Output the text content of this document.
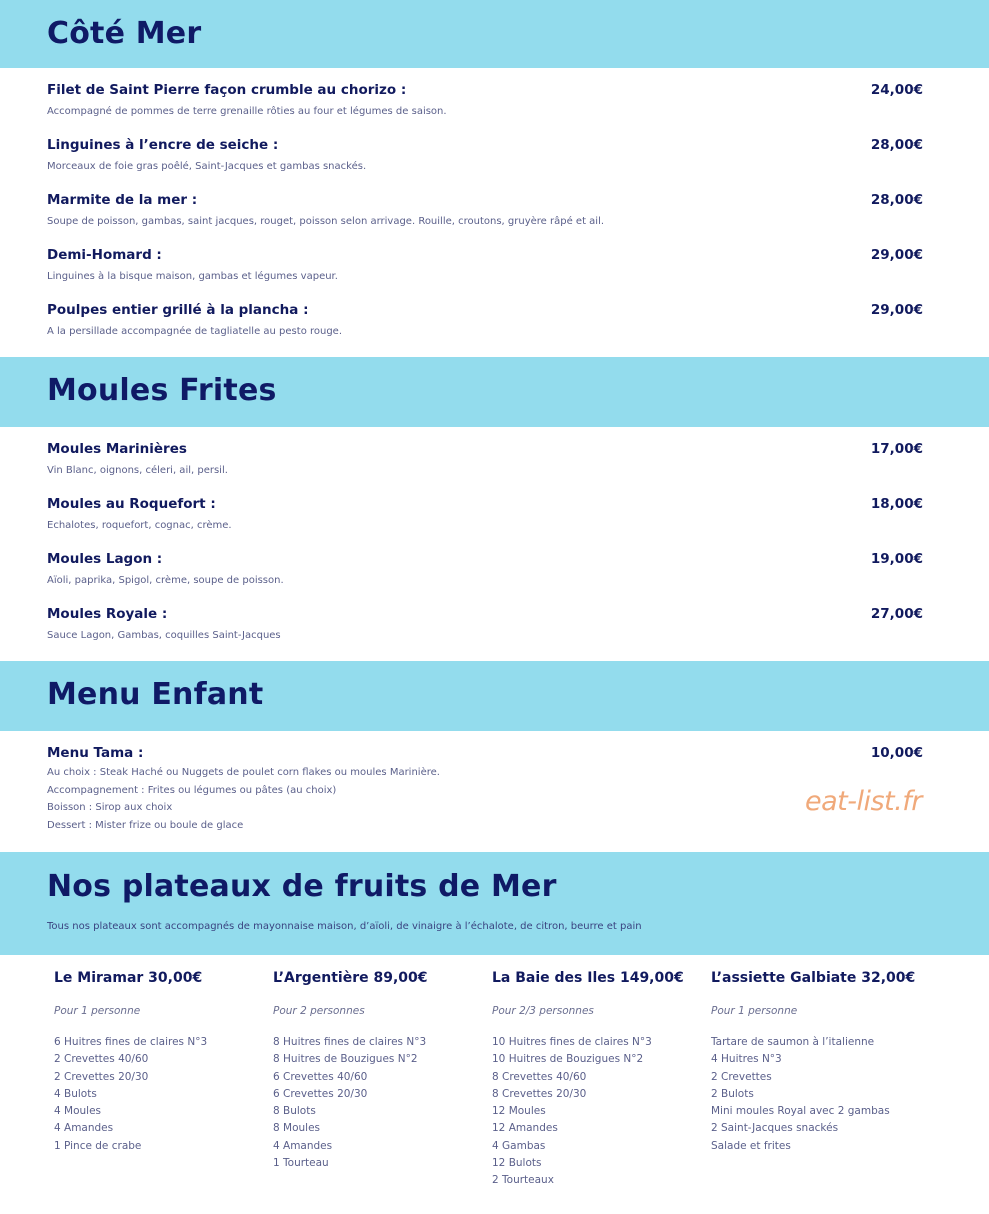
Côté Mer
Filet de Saint Pierre façon crumble au chorizo :	24,00€
Accompagné de pommes de terre grenaille rôties au four et légumes de saison.
Linguines à l’encre de seiche :	28,00€
Morceaux de foie gras poêlé, Saint-Jacques et gambas snackés.
Marmite de la mer :	28,00€
Soupe de poisson, gambas, saint jacques, rouget, poisson selon arrivage. Rouille, croutons, gruyère râpé et ail.
Demi-Homard :	29,00€
Linguines à la bisque maison, gambas et légumes vapeur.
Poulpes entier grillé à la plancha :	29,00€
A la persillade accompagnée de tagliatelle au pesto rouge.
Moules Frites
Moules Marinières	17,00€
Vin Blanc, oignons, céleri, ail, persil.
Moules au Roquefort :	18,00€
Echalotes, roquefort, cognac, crème.
Moules Lagon :	19,00€
Aïoli, paprika, Spigol, crème, soupe de poisson.
Moules Royale :	27,00€
Sauce Lagon, Gambas, coquilles Saint-Jacques
Menu Enfant
Menu Tama :	10,00€
Au choix : Steak Haché ou Nuggets de poulet corn flakes ou moules Marinière.
Accompagnement : Frites ou légumes ou pâtes (au choix)
Boisson : Sirop aux choix
Dessert : Mister frize ou boule de glace
eat-list.fr
Nos plateaux de fruits de Mer
Tous nos plateaux sont accompagnés de mayonnaise maison, d’aïoli, de vinaigre à l’échalote, de citron, beurre et pain
Le Miramar 30,00€
Pour 1 personne
6 Huitres fines de claires N°3
2 Crevettes 40/60
2 Crevettes 20/30
4 Bulots
4 Moules
4 Amandes
1 Pince de crabe
L’Argentière 89,00€
Pour 2 personnes
8 Huitres fines de claires N°3
8 Huitres de Bouzigues N°2
6 Crevettes 40/60
6 Crevettes 20/30
8 Bulots
8 Moules
4 Amandes
1 Tourteau
La Baie des Iles 149,00€
Pour 2/3 personnes
10 Huitres fines de claires N°3
10 Huitres de Bouzigues N°2
8 Crevettes 40/60
8 Crevettes 20/30
12 Moules
12 Amandes
4 Gambas
12 Bulots
2 Tourteaux
L’assiette Galbiate 32,00€
Pour 1 personne
Tartare de saumon à l’italienne
4 Huitres N°3
2 Crevettes
2 Bulots
Mini moules Royal avec 2 gambas
2 Saint-Jacques snackés
Salade et frites
